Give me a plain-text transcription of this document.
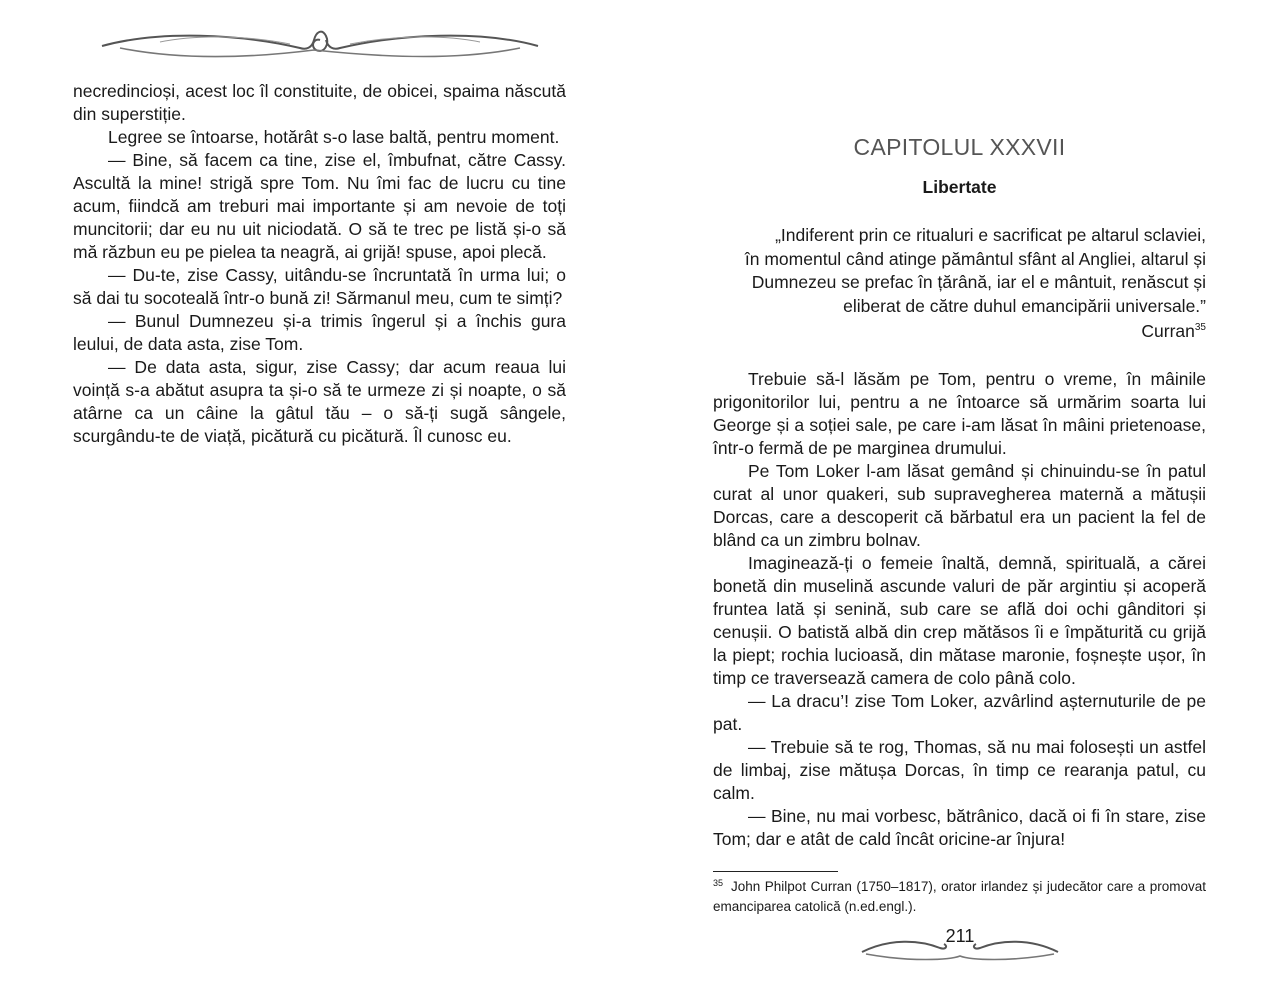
necredincioși, acest loc îl constituite, de obicei, spaima născută din superstiție.

Legree se întoarse, hotărât s-o lase baltă, pentru moment.

— Bine, să facem ca tine, zise el, îmbufnat, către Cassy. Ascultă la mine! strigă spre Tom. Nu îmi fac de lucru cu tine acum, fiindcă am treburi mai importante și am nevoie de toți muncitorii; dar eu nu uit niciodată. O să te trec pe listă și-o să mă răzbun eu pe pielea ta neagră, ai grijă! spuse, apoi plecă.

— Du-te, zise Cassy, uitându-se încruntată în urma lui; o să dai tu socoteală într-o bună zi! Sărmanul meu, cum te simți?

— Bunul Dumnezeu și-a trimis îngerul și a închis gura leului, de data asta, zise Tom.

— De data asta, sigur, zise Cassy; dar acum reaua lui voință s-a abătut asupra ta și-o să te urmeze zi și noapte, o să atârne ca un câine la gâtul tău – o să-ți sugă sângele, scurgându-te de viață, picătură cu picătură. Îl cunosc eu.

CAPITOLUL XXXVII
Libertate
„Indiferent prin ce ritualuri e sacrificat pe altarul sclaviei,
în momentul când atinge pământul sfânt al Angliei, altarul și
Dumnezeu se prefac în țărână, iar el e mântuit, renăscut și
eliberat de către duhul emancipării universale.”
Curran$^{35}$

Trebuie să-l lăsăm pe Tom, pentru o vreme, în mâinile prigonitorilor lui, pentru a ne întoarce să urmărim soarta lui George și a soției sale, pe care i-am lăsat în mâini prietenoase, într-o fermă de pe marginea drumului.

Pe Tom Loker l-am lăsat gemând și chinuindu-se în patul curat al unor quakeri, sub supravegherea maternă a mătușii Dorcas, care a descoperit că bărbatul era un pacient la fel de blând ca un zimbru bolnav.

Imaginează-ți o femeie înaltă, demnă, spirituală, a cărei bonetă din muselină ascunde valuri de păr argintiu și acoperă fruntea lată și senină, sub care se află doi ochi gânditori și cenușii. O batistă albă din crep mătăsos îi e împăturită cu grijă la piept; rochia lucioasă, din mătase maronie, foșnește ușor, în timp ce traversează camera de colo până colo.

— La dracu’! zise Tom Loker, azvârlind așternuturile de pe pat.

— Trebuie să te rog, Thomas, să nu mai folosești un astfel de limbaj, zise mătușa Dorcas, în timp ce rearanja patul, cu calm.

— Bine, nu mai vorbesc, bătrânico, dacă oi fi în stare, zise Tom; dar e atât de cald încât oricine-ar înjura!

$^{35}$ John Philpot Curran (1750–1817), orator irlandez și judecător care a promovat emanciparea catolică (n.ed.engl.).
211
